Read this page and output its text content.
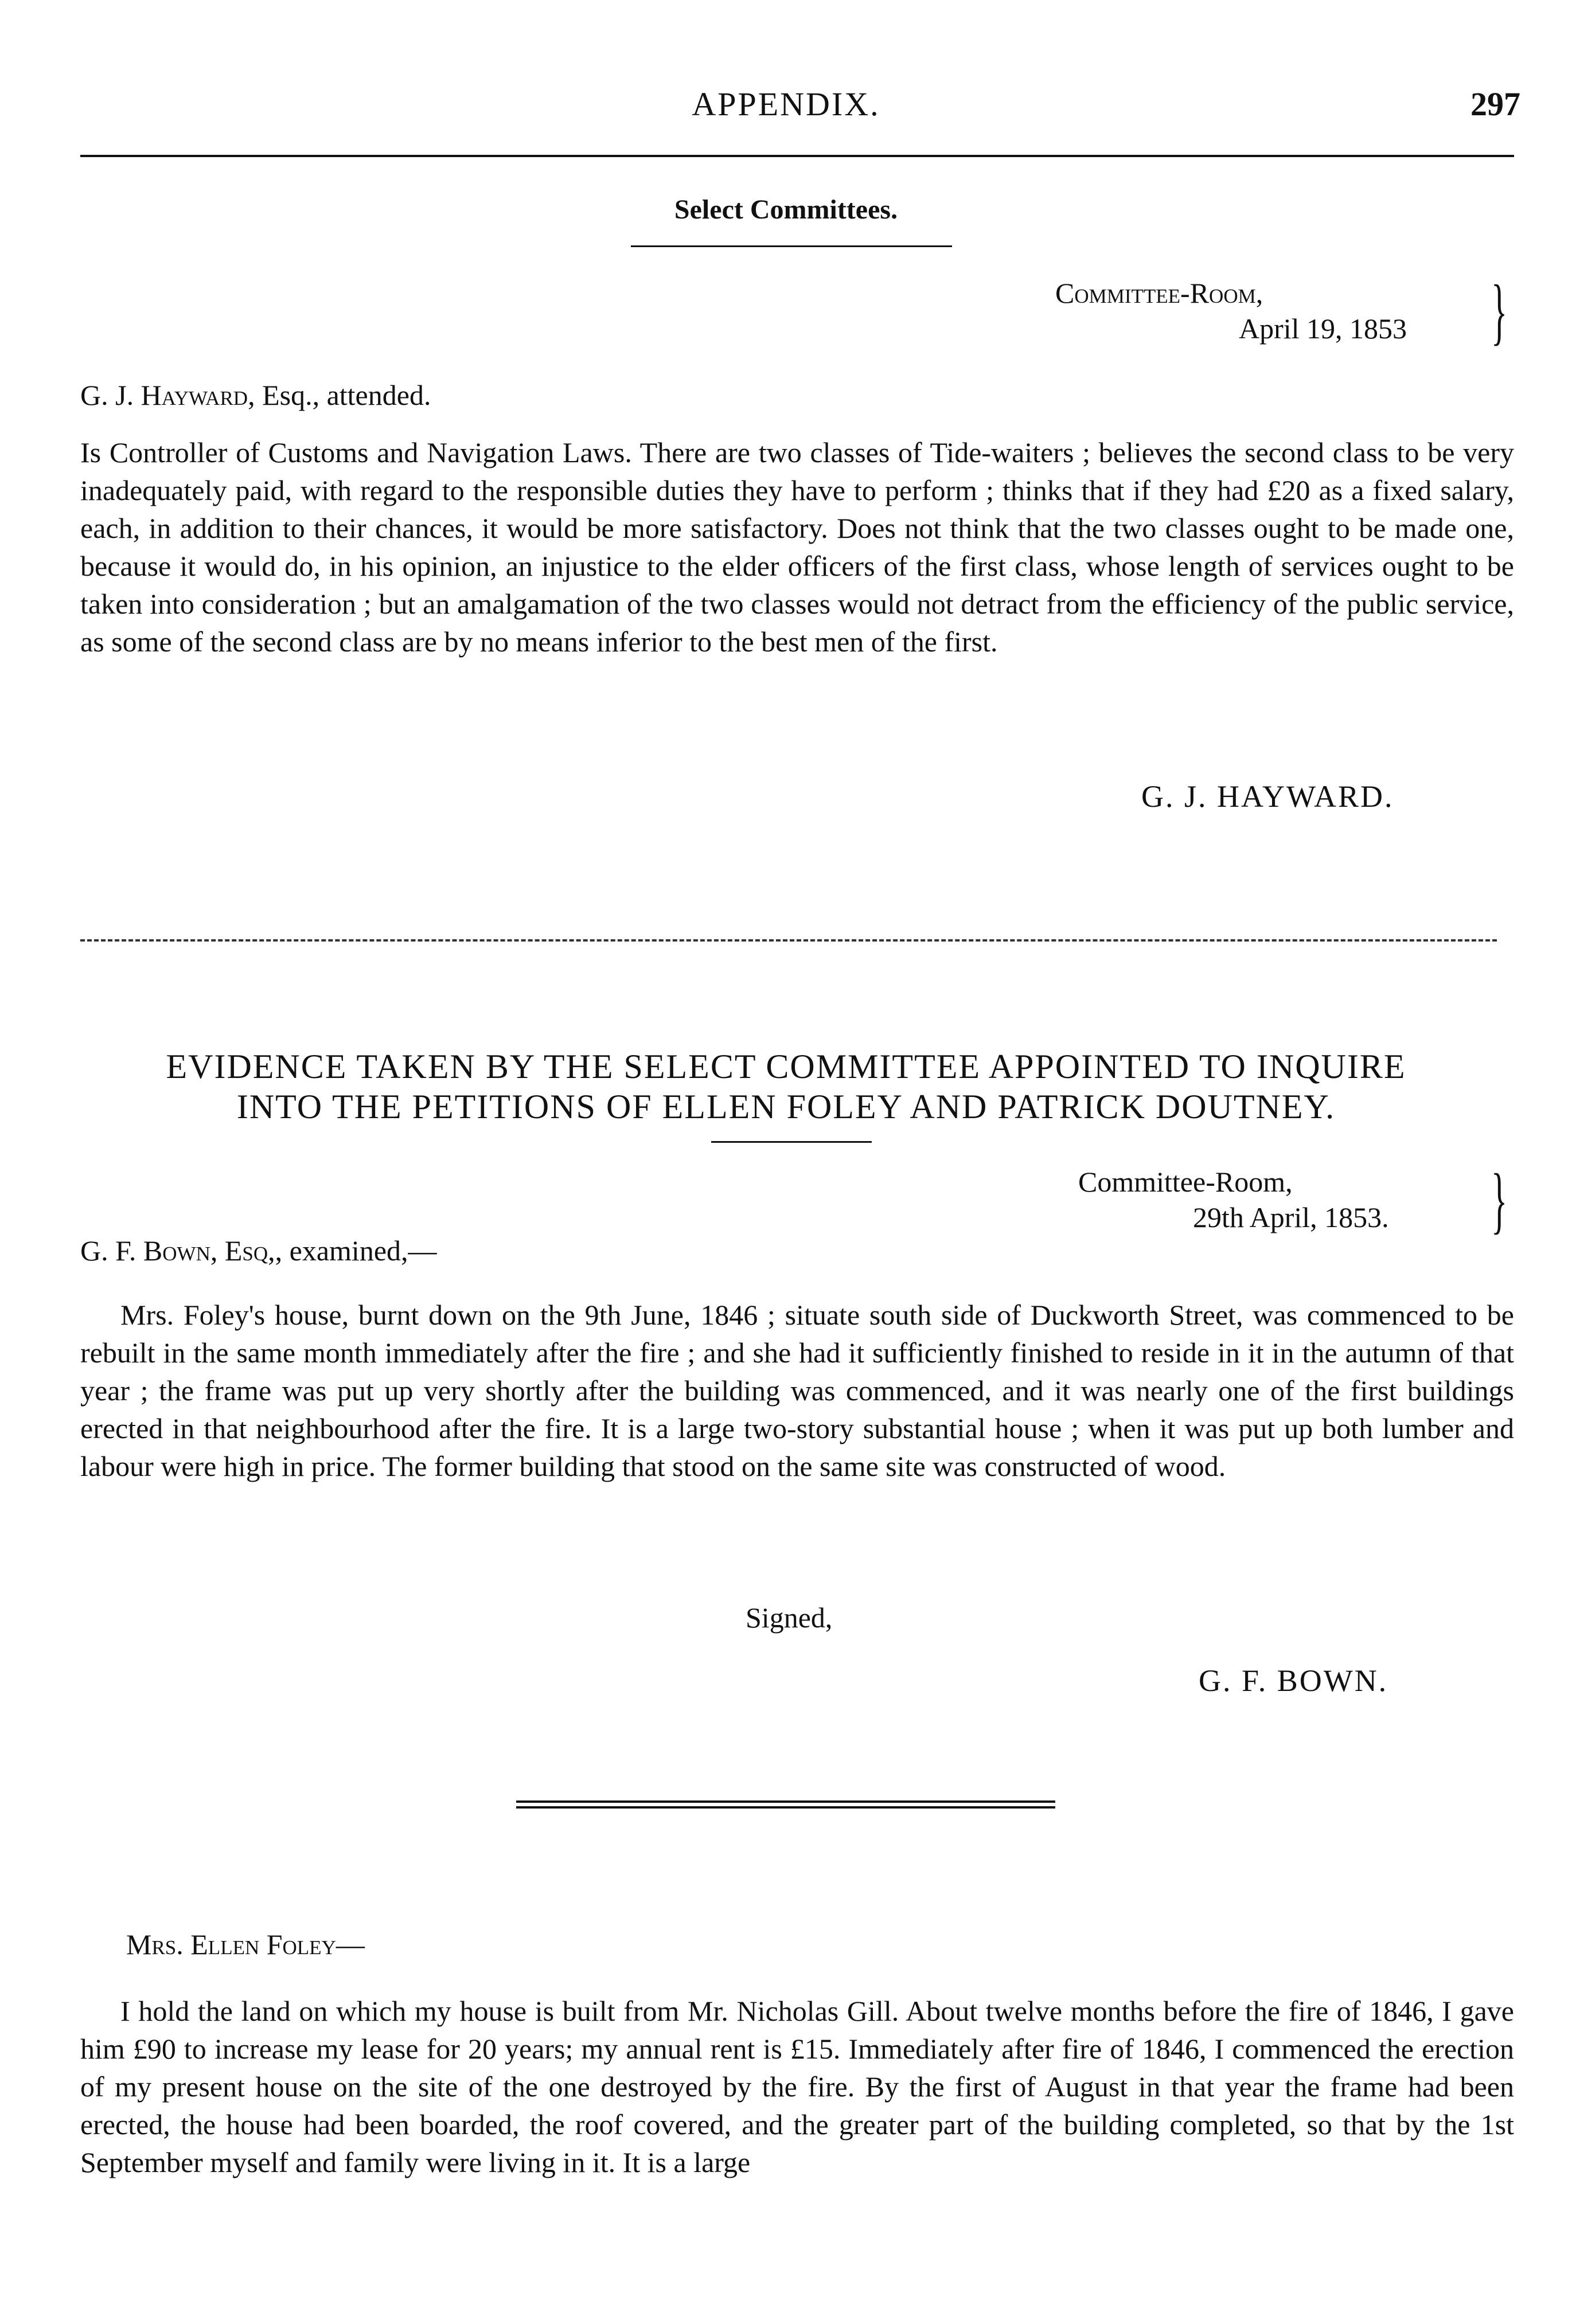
APPENDIX.	297
Select Committees.
Committee-Room,
April 19, 1853 }
G. J. Hayward, Esq., attended.
Is Controller of Customs and Navigation Laws. There are two classes of Tide-waiters ; believes the second class to be very inadequately paid, with regard to the responsible duties they have to perform ; thinks that if they had £20 as a fixed salary, each, in addition to their chances, it would be more satisfactory. Does not think that the two classes ought to be made one, because it would do, in his opinion, an injustice to the elder officers of the first class, whose length of services ought to be taken into consideration ; but an amalgamation of the two classes would not detract from the efficiency of the public service, as some of the second class are by no means inferior to the best men of the first.
G. J. HAYWARD.
EVIDENCE TAKEN BY THE SELECT COMMITTEE APPOINTED TO INQUIRE
INTO THE PETITIONS OF ELLEN FOLEY AND PATRICK DOUTNEY.
Committee-Room,
29th April, 1853. }
G. F. Bown, Esq,, examined,—
Mrs. Foley's house, burnt down on the 9th June, 1846 ; situate south side of Duckworth Street, was commenced to be rebuilt in the same month immediately after the fire ; and she had it sufficiently finished to reside in it in the autumn of that year ; the frame was put up very shortly after the building was commenced, and it was nearly one of the first buildings erected in that neighbourhood after the fire. It is a large two-story substantial house ; when it was put up both lumber and labour were high in price. The former building that stood on the same site was constructed of wood.
Signed,
G. F. BOWN.
Mrs. Ellen Foley—
I hold the land on which my house is built from Mr. Nicholas Gill. About twelve months before the fire of 1846, I gave him £90 to increase my lease for 20 years; my annual rent is £15. Immediately after fire of 1846, I commenced the erection of my present house on the site of the one destroyed by the fire. By the first of August in that year the frame had been erected, the house had been boarded, the roof covered, and the greater part of the building completed, so that by the 1st September myself and family were living in it. It is a large
